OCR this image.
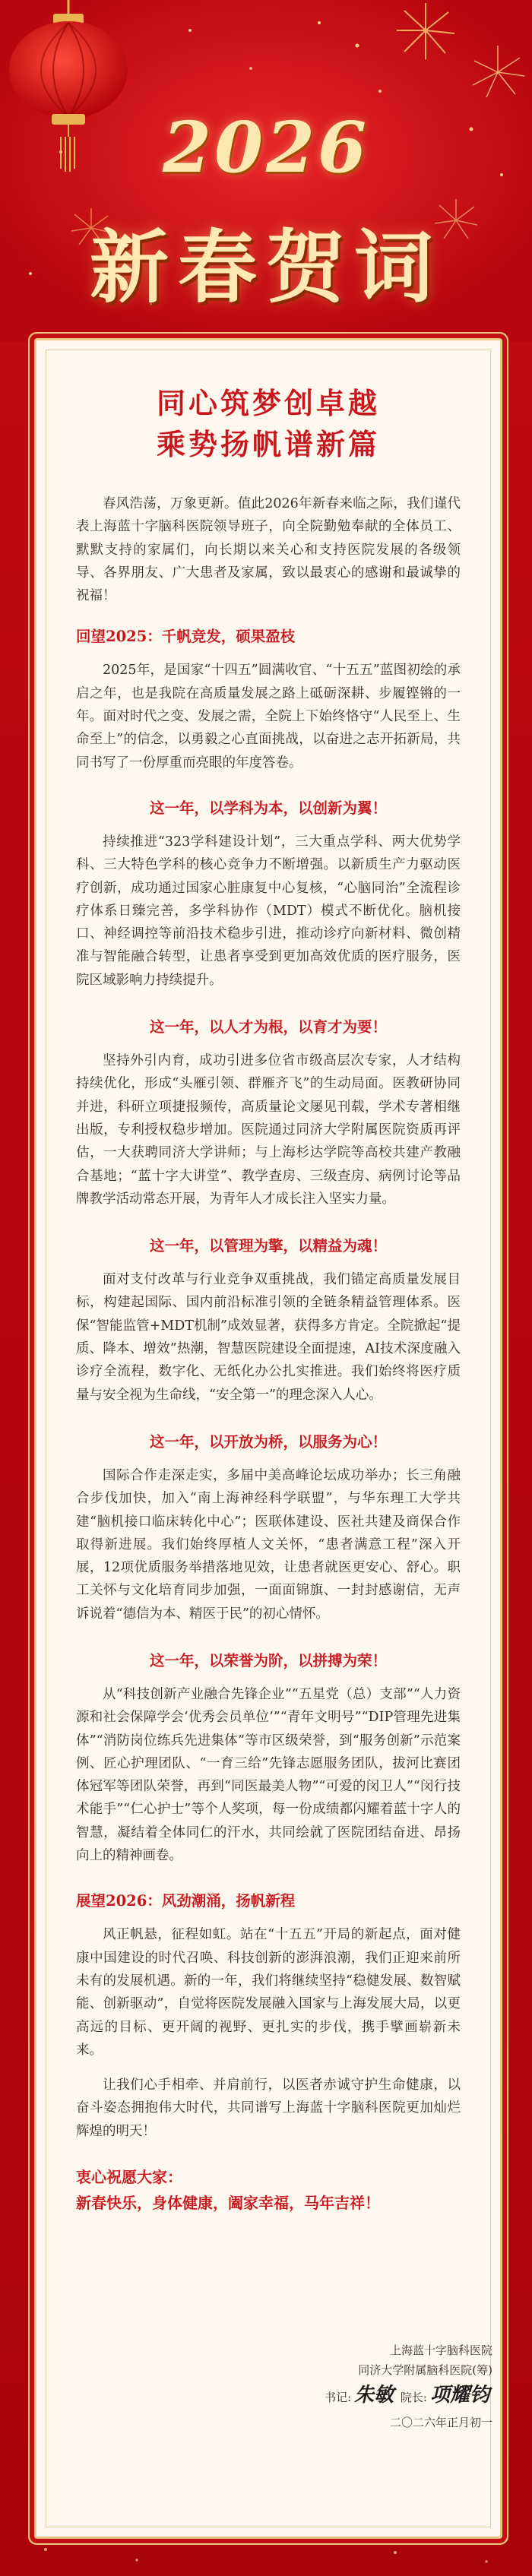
2026
新春贺词
同心筑梦创卓越
乘势扬帆谱新篇

春风浩荡，万象更新。值此2026年新春来临之际，我们谨代表上海蓝十字脑科医院领导班子，向全院勤勉奉献的全体员工、默默支持的家属们，向长期以来关心和支持医院发展的各级领导、各界朋友、广大患者及家属，致以最衷心的感谢和最诚挚的祝福！

回望2025：千帆竞发，硕果盈枝

2025年，是国家“十四五”圆满收官、“十五五”蓝图初绘的承启之年，也是我院在高质量发展之路上砥砺深耕、步履铿锵的一年。面对时代之变、发展之需，全院上下始终恪守“人民至上、生命至上”的信念，以勇毅之心直面挑战，以奋进之志开拓新局，共同书写了一份厚重而亮眼的年度答卷。

这一年，以学科为本，以创新为翼！

持续推进“323学科建设计划”，三大重点学科、两大优势学科、三大特色学科的核心竞争力不断增强。以新质生产力驱动医疗创新，成功通过国家心脏康复中心复核，“心脑同治”全流程诊疗体系日臻完善，多学科协作（MDT）模式不断优化。脑机接口、神经调控等前沿技术稳步引进，推动诊疗向新材料、微创精准与智能融合转型，让患者享受到更加高效优质的医疗服务，医院区域影响力持续提升。

这一年，以人才为根，以育才为要！

坚持外引内育，成功引进多位省市级高层次专家，人才结构持续优化，形成“头雁引领、群雁齐飞”的生动局面。医教研协同并进，科研立项捷报频传，高质量论文屡见刊载，学术专著相继出版，专利授权稳步增加。医院通过同济大学附属医院资质再评估，一大获聘同济大学讲师；与上海杉达学院等高校共建产教融合基地；“蓝十字大讲堂”、教学查房、三级查房、病例讨论等品牌教学活动常态开展，为青年人才成长注入坚实力量。

这一年，以管理为擎，以精益为魂！

面对支付改革与行业竞争双重挑战，我们锚定高质量发展目标，构建起国际、国内前沿标准引领的全链条精益管理体系。医保“智能监管+MDT机制”成效显著，获得多方肯定。全院掀起“提质、降本、增效”热潮，智慧医院建设全面提速，AI技术深度融入诊疗全流程，数字化、无纸化办公扎实推进。我们始终将医疗质量与安全视为生命线，“安全第一”的理念深入人心。

这一年，以开放为桥，以服务为心！

国际合作走深走实，多届中美高峰论坛成功举办；长三角融合步伐加快，加入“南上海神经科学联盟”，与华东理工大学共建“脑机接口临床转化中心”；医联体建设、医社共建及商保合作取得新进展。我们始终厚植人文关怀，“患者满意工程”深入开展，12项优质服务举措落地见效，让患者就医更安心、舒心。职工关怀与文化培育同步加强，一面面锦旗、一封封感谢信，无声诉说着“德信为本、精医于民”的初心情怀。

这一年，以荣誉为阶，以拼搏为荣！

从“科技创新产业融合先锋企业”“五星党（总）支部”“人力资源和社会保障学会‘优秀会员单位’”“青年文明号”“DIP管理先进集体”“消防岗位练兵先进集体”等市区级荣誉，到“服务创新”示范案例、匠心护理团队、“一育三给”先锋志愿服务团队，拔河比赛团体冠军等团队荣誉，再到“同医最美人物”“可爱的闵卫人”“闵行技术能手”“仁心护士”等个人奖项，每一份成绩都闪耀着蓝十字人的智慧，凝结着全体同仁的汗水，共同绘就了医院团结奋进、昂扬向上的精神画卷。

展望2026：风劲潮涌，扬帆新程

风正帆悬，征程如虹。站在“十五五”开局的新起点，面对健康中国建设的时代召唤、科技创新的澎湃浪潮，我们正迎来前所未有的发展机遇。新的一年，我们将继续坚持“稳健发展、数智赋能、创新驱动”，自觉将医院发展融入国家与上海发展大局，以更高远的目标、更开阔的视野、更扎实的步伐，携手擘画崭新未来。

让我们心手相牵、并肩前行，以医者赤诚守护生命健康，以奋斗姿态拥抱伟大时代，共同谱写上海蓝十字脑科医院更加灿烂辉煌的明天！

衷心祝愿大家：

新春快乐，身体健康，阖家幸福，马年吉祥！

上海蓝十字脑科医院

同济大学附属脑科医院(筹)

书记: 朱敏 院长: 项耀钧

二〇二六年正月初一
